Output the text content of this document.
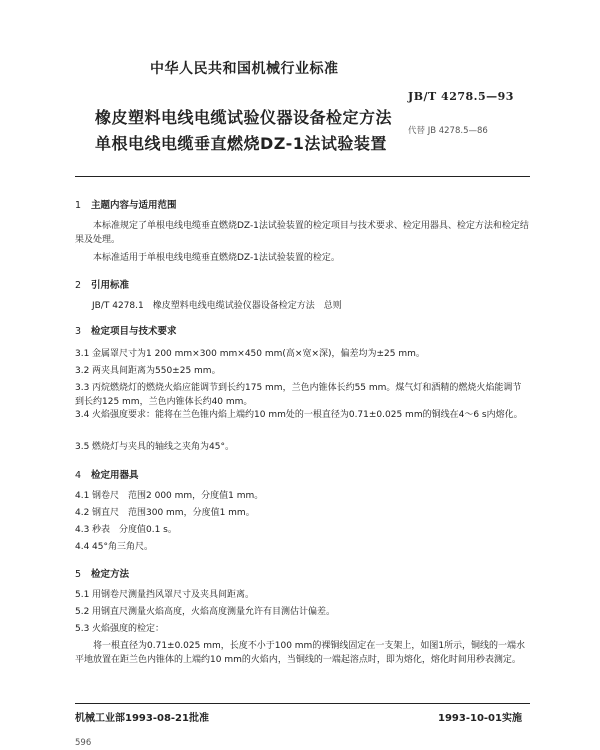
中华人民共和国机械行业标准
JB/T 4278.5—93
橡皮塑料电线电缆试验仪器设备检定方法
单根电线电缆垂直燃烧DZ-1法试验装置
代替 JB 4278.5—86
1 主题内容与适用范围

本标准规定了单根电线电缆垂直燃烧DZ-1法试验装置的检定项目与技术要求、检定用器具、检定方法和检定结果及处理。

本标准适用于单根电线电缆垂直燃烧DZ-1法试验装置的检定。

2 引用标准

JB/T 4278.1　橡皮塑料电线电缆试验仪器设备检定方法　总则

3 检定项目与技术要求

3.1 金属罩尺寸为1 200 mm×300 mm×450 mm(高×宽×深)，偏差均为±25 mm。

3.2 两夹具间距离为550±25 mm。

3.3 丙烷燃烧灯的燃烧火焰应能调节到长约175 mm，兰色内锥体长约55 mm。煤气灯和酒精的燃烧火焰能调节到长约125 mm，兰色内锥体长约40 mm。

3.4 火焰强度要求：能将在兰色锥内焰上端约10 mm处的一根直径为0.71±0.025 mm的铜线在4～6 s内熔化。

3.5 燃烧灯与夹具的轴线之夹角为45°。

4 检定用器具

4.1 钢卷尺　范围2 000 mm，分度值1 mm。

4.2 钢直尺　范围300 mm，分度值1 mm。

4.3 秒表　分度值0.1 s。

4.4 45°角三角尺。

5 检定方法

5.1 用钢卷尺测量挡风罩尺寸及夹具间距离。

5.2 用钢直尺测量火焰高度，火焰高度测量允许有目测估计偏差。

5.3 火焰强度的检定：

将一根直径为0.71±0.025 mm，长度不小于100 mm的裸铜线固定在一支架上，如图1所示，铜线的一端水平地放置在距兰色内锥体的上端约10 mm的火焰内，当铜线的一端起溶点时，即为熔化，熔化时间用秒表测定。

机械工业部1993-08-21批准	1993-10-01实施
596
